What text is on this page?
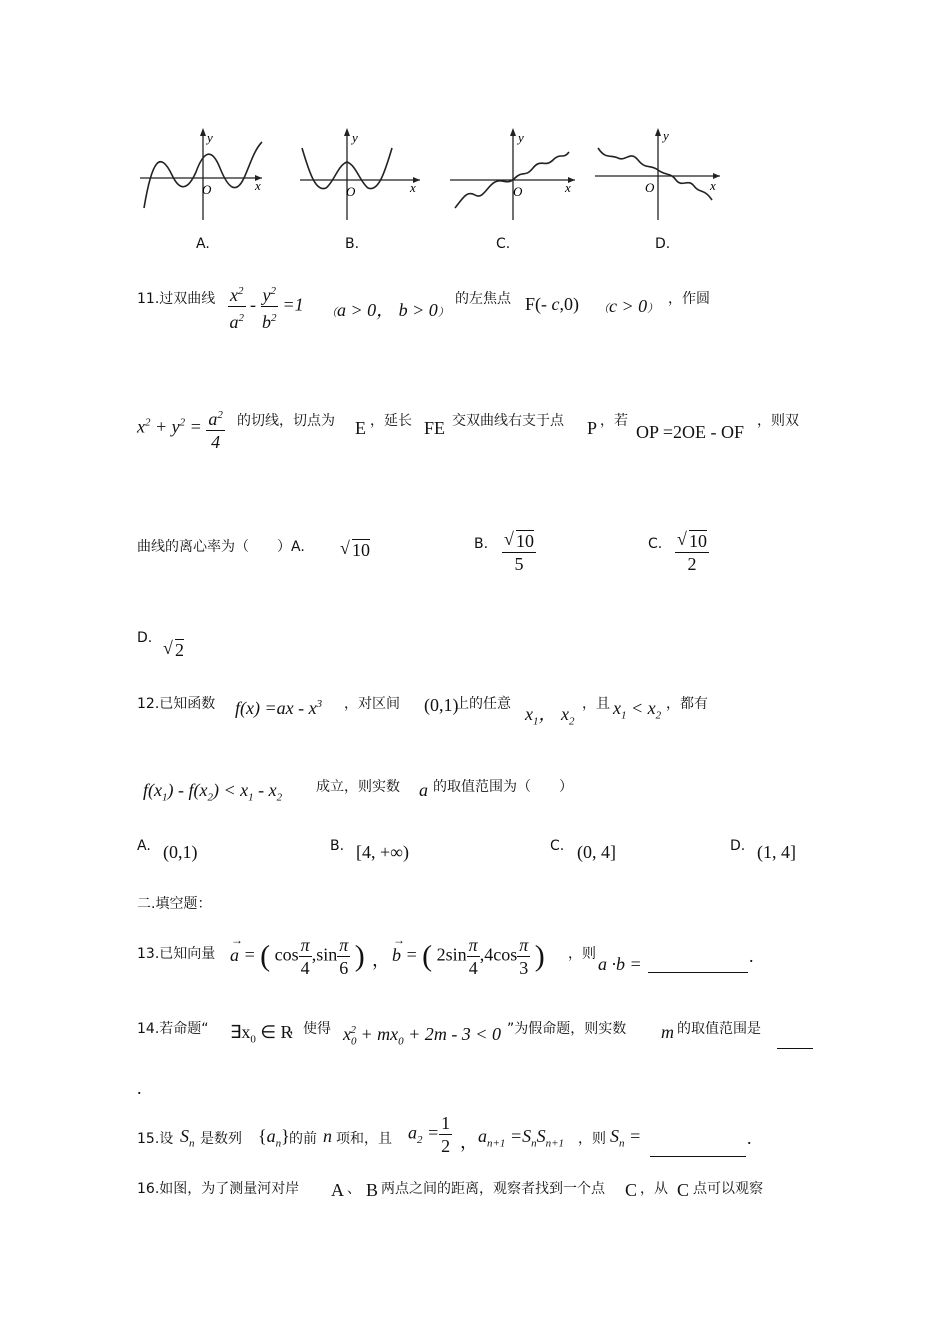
y
O	x
y
O	x
y
O	x
y
O	x
A.	B.	C.	D.
11.过双曲线 $\frac{x^2}{a^2} - \frac{y^2}{b^2} =1$ （a > 0， b > 0）
的左焦点 F(- c,0) （c > 0）
，作圆
$x^2 + y^2 = \frac{a^2}{4}$ 的切线，切点为 E ，延长 FE 交双曲线右支于点 P ，若
OP =2OE - OF
，则双
曲线的离心率为（　　）A.	√ 10	B. √ $\frac{10}{5}$	C. √ $\frac{10}{2}$
D.
√ 2
12.已知函数 $f(x) =ax - x^3$ ，对区间 (0,1)
上的任意 $x_1$， $x_2$
，且 $x_1 < x_2$
，都有
$f(x_1) - f(x_2) < x_1 - x_2$
成立，则实数 a 的取值范围为（　　）
A. (0,1)	B. [4, +∞)	C. (0, 4]	D. (1, 4]
二.填空题：
13.已知向量 a
→
= ( $\cos \frac{\pi}{4} ,\sin \frac{\pi}{6}$ ) ， b
→
= ( $2\sin \frac{\pi}{4} ,4\cos \frac{\pi}{3}$ ) ，则 a ·b =	.
14.若命题“ $\exists x_0$ ∈ R
，使得 $x_0^2 + mx_0 + 2m - 3 < 0$ ”为假命题，则实数 m 的取值范围是
.
15.设 $S_n$ 是数列 $\{a_n\}$ 的前 n 项和，且 $a_2 = \frac{1}{2}$ ， $a_{n+1} =S_nS_{n+1}$ ，则 $S_n$ =	.
16.如图，为了测量河对岸 A 、 B 两点之间的距离，观察者找到一个点 C ，从 C 点可以观察
